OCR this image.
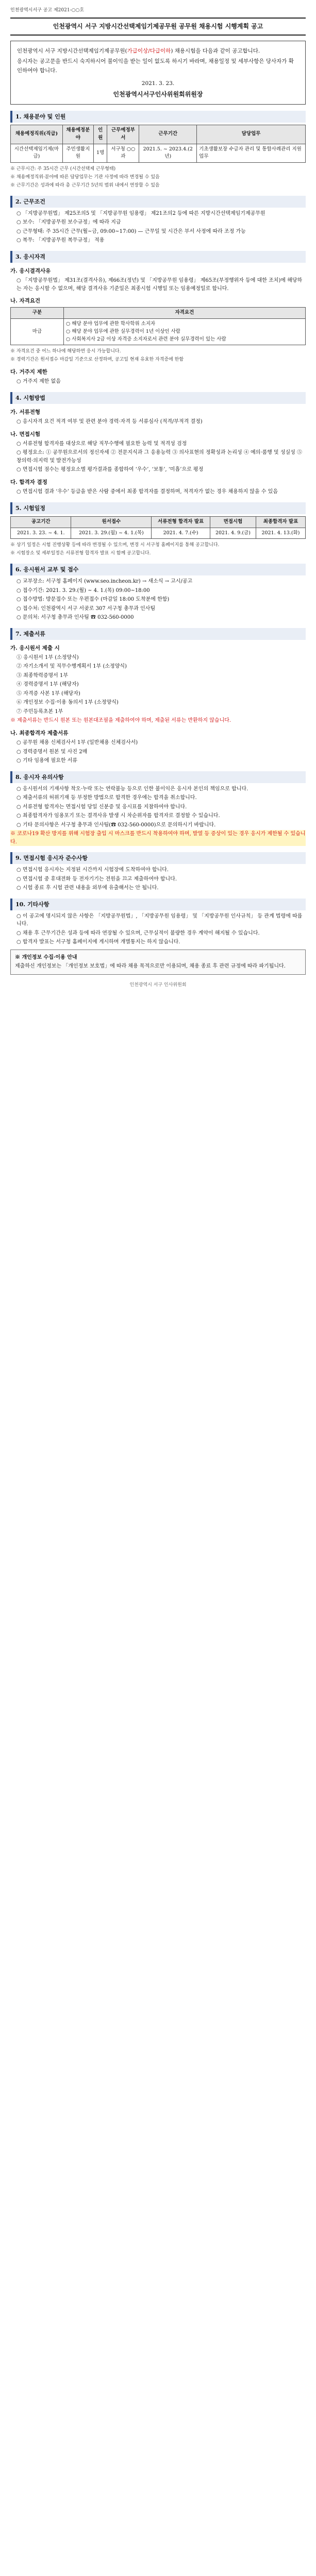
인천광역시서구 공고 제2021-○○호
인천광역시 서구 지방시간선택제임기제공무원 공무원 채용시험 시행계획 공고

인천광역시 서구 지방시간선택제임기제공무원(가급이상/다급이하) 채용시험을 다음과 같이 공고합니다.

응시자는 공고문을 반드시 숙지하시어 불이익을 받는 일이 없도록 하시기 바라며, 채용일정 및 세부사항은 당사자가 확인하여야 합니다.

2021. 3. 23.
인천광역시서구인사위원회위원장
1. 채용분야 및 인원
채용예정직위(직급)	채용예정분야	인원	근무예정부서	근무기간	담당업무
시간선택제임기제(마급)	주민생활지원	1명	서구청 ○○과	2021.5. ~ 2023.4.(2년)	기초생활보장 수급자 관리 및 통합사례관리 지원 업무

※ 근무시간: 주 35시간 근무 (시간선택제 근무형태)

※ 채용예정직위·분야에 따른 담당업무는 기관 사정에 따라 변경될 수 있음

※ 근무기간은 성과에 따라 총 근무기간 5년의 범위 내에서 연장할 수 있음

2. 근무조건

○ 「지방공무원법」 제25조의5 및 「지방공무원 임용령」 제21조의2 등에 따른 지방시간선택제임기제공무원

○ 보수: 「지방공무원 보수규정」에 따라 지급

○ 근무형태: 주 35시간 근무(월~금, 09:00~17:00) — 근무일 및 시간은 부서 사정에 따라 조정 가능

○ 복무: 「지방공무원 복무규정」 적용

3. 응시자격
가. 응시결격사유

○ 「지방공무원법」 제31조(결격사유), 제66조(정년) 및 「지방공무원 임용령」 제65조(부정행위자 등에 대한 조치)에 해당하는 자는 응시할 수 없으며, 해당 결격사유 기준일은 최종시험 시행일 또는 임용예정일로 합니다.

나. 자격요건
구분	자격요건
마급	○ 해당 분야 업무에 관한 학사학위 소지자
○ 해당 분야 업무에 관한 실무경력이 1년 이상인 사람
○ 사회복지사 2급 이상 자격증 소지자로서 관련 분야 실무경력이 있는 사람

※ 자격요건 중 어느 하나에 해당하면 응시 가능합니다.

※ 경력기간은 원서접수 마감일 기준으로 산정하며, 공고일 현재 유효한 자격증에 한함

다. 거주지 제한

○ 거주지 제한 없음

4. 시험방법
가. 서류전형

○ 응시자격 요건 적격 여부 및 관련 분야 경력·자격 등 서류심사 (적격/부적격 결정)

나. 면접시험

○ 서류전형 합격자를 대상으로 해당 직무수행에 필요한 능력 및 적격성 검정

○ 평정요소: ① 공무원으로서의 정신자세 ② 전문지식과 그 응용능력 ③ 의사표현의 정확성과 논리성 ④ 예의·품행 및 성실성 ⑤ 창의력·의지력 및 발전가능성

○ 면접시험 점수는 평정요소별 평가결과를 종합하여 ‘우수’, ‘보통’, ‘미흡’으로 평정

다. 합격자 결정

○ 면접시험 결과 ‘우수’ 등급을 받은 사람 중에서 최종 합격자를 결정하며, 적격자가 없는 경우 채용하지 않을 수 있음

5. 시험일정
공고기간	원서접수	서류전형 합격자 발표	면접시험	최종합격자 발표
2021. 3. 23. ~ 4. 1.	2021. 3. 29.(월) ~ 4. 1.(목)	2021. 4. 7.(수)	2021. 4. 9.(금)	2021. 4. 13.(화)

※ 상기 일정은 시험 진행상황 등에 따라 변경될 수 있으며, 변경 시 서구청 홈페이지를 통해 공고합니다.

※ 시험장소 및 세부일정은 서류전형 합격자 발표 시 함께 공고합니다.

6. 응시원서 교부 및 접수

○ 교부장소: 서구청 홈페이지 (www.seo.incheon.kr) → 새소식 → 고시/공고

○ 접수기간: 2021. 3. 29.(월) ~ 4. 1.(목) 09:00~18:00

○ 접수방법: 방문접수 또는 우편접수 (마감일 18:00 도착분에 한함)

○ 접수처: 인천광역시 서구 서곶로 307 서구청 총무과 인사팀

○ 문의처: 서구청 총무과 인사팀 ☎ 032-560-0000

7. 제출서류
가. 응시원서 제출 시

① 응시원서 1부 (소정양식)

② 자기소개서 및 직무수행계획서 1부 (소정양식)

③ 최종학력증명서 1부

④ 경력증명서 1부 (해당자)

⑤ 자격증 사본 1부 (해당자)

⑥ 개인정보 수집·이용 동의서 1부 (소정양식)

⑦ 주민등록초본 1부

※ 제출서류는 반드시 원본 또는 원본대조필을 제출하여야 하며, 제출된 서류는 반환하지 않습니다.

나. 최종합격자 제출서류

○ 공무원 채용 신체검사서 1부 (일반채용 신체검사서)

○ 경력증명서 원본 및 사진 2매

○ 기타 임용에 필요한 서류

8. 응시자 유의사항

○ 응시원서의 기재사항 착오·누락 또는 연락불능 등으로 인한 불이익은 응시자 본인의 책임으로 합니다.

○ 제출서류의 허위기재 등 부정한 방법으로 합격한 경우에는 합격을 취소합니다.

○ 서류전형 합격자는 면접시험 당일 신분증 및 응시표를 지참하여야 합니다.

○ 최종합격자가 임용포기 또는 결격사유 발생 시 차순위자를 합격자로 결정할 수 있습니다.

○ 기타 문의사항은 서구청 총무과 인사팀(☎ 032-560-0000)으로 문의하시기 바랍니다.

※ 코로나19 확산 방지를 위해 시험장 출입 시 마스크를 반드시 착용하여야 하며, 발열 등 증상이 있는 경우 응시가 제한될 수 있습니다.

9. 면접시험 응시자 준수사항

○ 면접시험 응시자는 지정된 시간까지 시험장에 도착하여야 합니다.

○ 면접시험 중 휴대전화 등 전자기기는 전원을 끄고 제출하여야 합니다.

○ 시험 종료 후 시험 관련 내용을 외부에 유출해서는 안 됩니다.

10. 기타사항

○ 이 공고에 명시되지 않은 사항은 「지방공무원법」, 「지방공무원 임용령」 및 「지방공무원 인사규칙」 등 관계 법령에 따릅니다.

○ 채용 후 근무기간은 성과 등에 따라 연장될 수 있으며, 근무실적이 불량한 경우 계약이 해지될 수 있습니다.

○ 합격자 발표는 서구청 홈페이지에 게시하며 개별통지는 하지 않습니다.

※ 개인정보 수집·이용 안내

제출하신 개인정보는 「개인정보 보호법」에 따라 채용 목적으로만 이용되며, 채용 종료 후 관련 규정에 따라 파기됩니다.

인천광역시 서구 인사위원회
